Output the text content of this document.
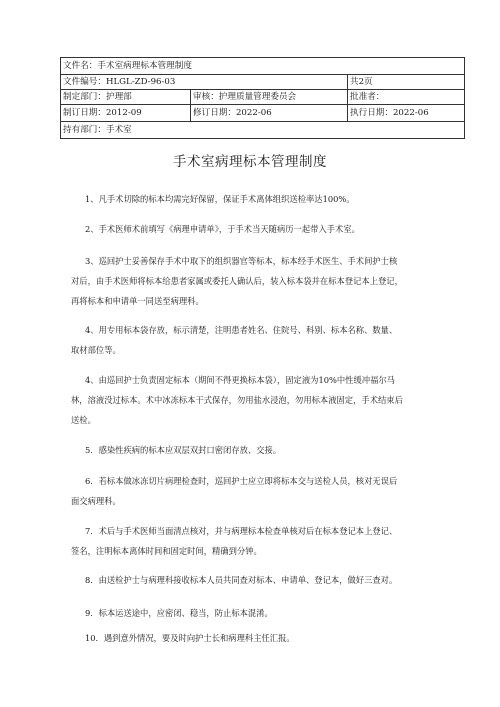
文件名：手术室病理标本管理制度		
文件编号：HLGL-ZD-96-03		共2页
制定部门：护理部	审核：护理质量管理委员会	批准者：
制订日期：2012-09	修订日期：2022-06	执行日期：2022-06
持有部门：手术室		
手术室病理标本管理制度
1、凡手术切除的标本均需完好保留，保证手术离体组织送检率达100%。
2、手术医师术前填写《病理申请单》，于手术当天随病历一起带入手术室。
3、巡回护士妥善保存手术中取下的组织器官等标本，标本经手术医生、手术间护士核
对后，由手术医师将标本给患者家属或委托人确认后，装入标本袋并在标本登记本上登记，
再将标本和申请单一同送至病理科。
4、用专用标本袋存放，标示清楚，注明患者姓名、住院号、科别、标本名称、数量、
取材部位等。
4、由巡回护士负责固定标本（期间不得更换标本袋），固定液为10%中性缓冲福尔马
林，溶液没过标本。术中冰冻标本干式保存，勿用盐水浸泡，勿用标本液固定，手术结束后
送检。
5．感染性疾病的标本应双层双封口密闭存放、交接。
6．若标本做冰冻切片病理检查时，巡回护士应立即将标本交与送检人员，核对无误后
面交病理科。
7．术后与手术医师当面清点核对，并与病理标本检查单核对后在标本登记本上登记、
签名，注明标本离体时间和固定时间，精确到分钟。
8．由送检护士与病理科接收标本人员共同查对标本、申请单、登记本，做好三查对。
9．标本运送途中，应密闭、稳当，防止标本混淆。
10．遇到意外情况，要及时向护士长和病理科主任汇报。
